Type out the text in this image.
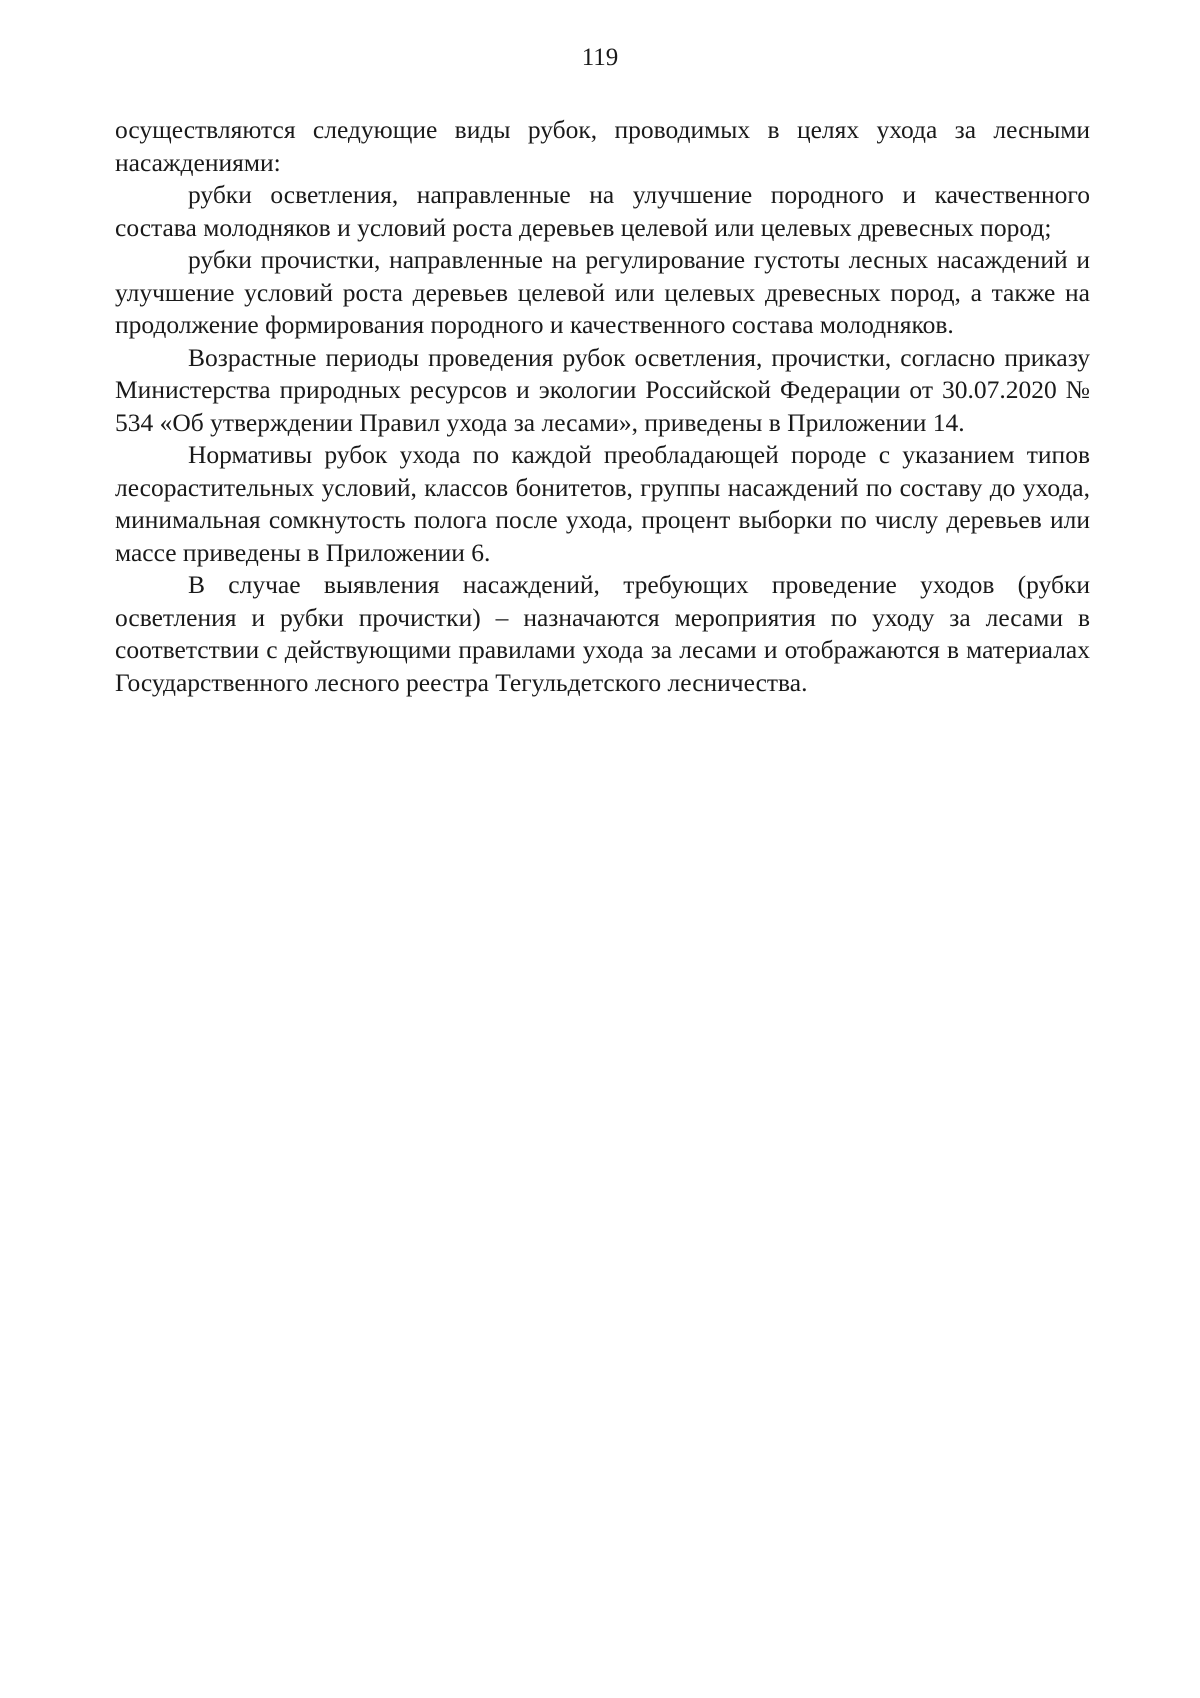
119

осуществляются следующие виды рубок, проводимых в целях ухода за лесными насаждениями:

рубки осветления, направленные на улучшение породного и качественного состава молодняков и условий роста деревьев целевой или целевых древесных пород;

рубки прочистки, направленные на регулирование густоты лесных насаждений и улучшение условий роста деревьев целевой или целевых древесных пород, а также на продолжение формирования породного и качественного состава молодняков.

Возрастные периоды проведения рубок осветления, прочистки, согласно приказу Министерства природных ресурсов и экологии Российской Федерации от 30.07.2020 № 534 «Об утверждении Правил ухода за лесами», приведены в Приложении 14.

Нормативы рубок ухода по каждой преобладающей породе с указанием типов лесорастительных условий, классов бонитетов, группы насаждений по составу до ухода, минимальная сомкнутость полога после ухода, процент выборки по числу деревьев или массе приведены в Приложении 6.

В случае выявления насаждений, требующих проведение уходов (рубки осветления и рубки прочистки) – назначаются мероприятия по уходу за лесами в соответствии с действующими правилами ухода за лесами и отображаются в материалах Государственного лесного реестра Тегульдетского лесничества.
